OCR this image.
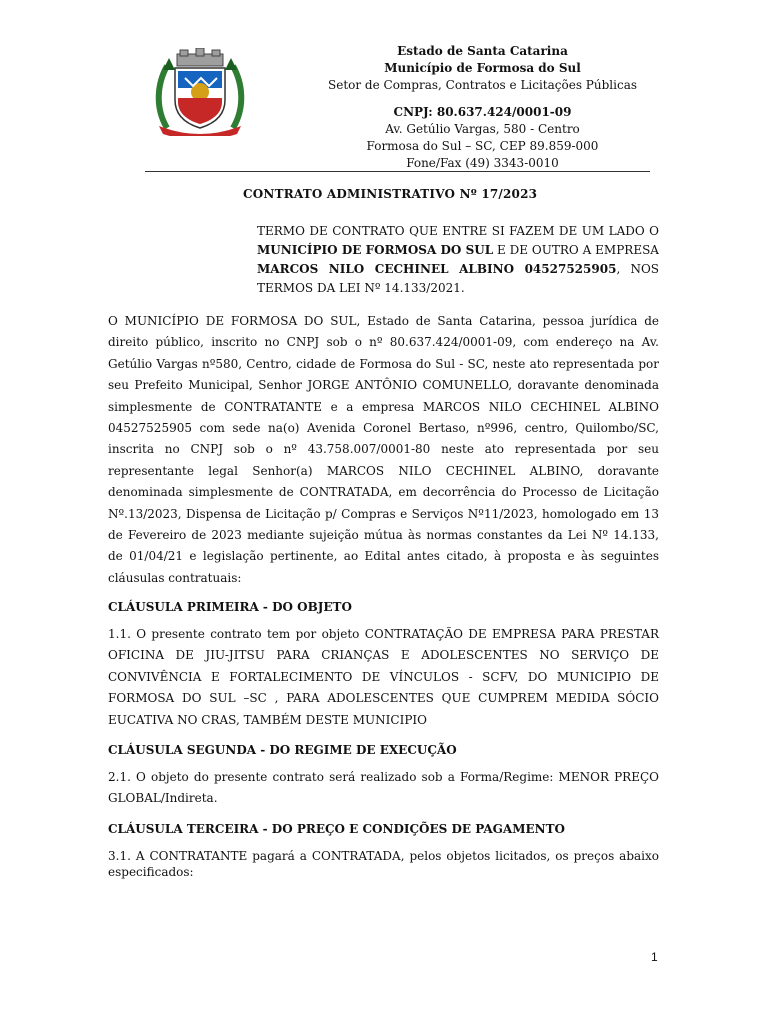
Estado de Santa Catarina
Município de Formosa do Sul
Setor de Compras, Contratos e Licitações Públicas
CNPJ: 80.637.424/0001-09
Av. Getúlio Vargas, 580 - Centro
Formosa do Sul – SC, CEP 89.859-000
Fone/Fax (49) 3343-0010
CONTRATO ADMINISTRATIVO Nº 17/2023
TERMO DE CONTRATO QUE ENTRE SI FAZEM DE UM LADO O MUNICÍPIO DE FORMOSA DO SUL E DE OUTRO A EMPRESA MARCOS NILO CECHINEL ALBINO 04527525905, NOS TERMOS DA LEI Nº 14.133/2021.
O MUNICÍPIO DE FORMOSA DO SUL, Estado de Santa Catarina, pessoa jurídica de direito público, inscrito no CNPJ sob o nº 80.637.424/0001-09, com endereço na Av. Getúlio Vargas nº580, Centro, cidade de Formosa do Sul - SC, neste ato representada por seu Prefeito Municipal, Senhor JORGE ANTÔNIO COMUNELLO, doravante denominada simplesmente de CONTRATANTE e a empresa MARCOS NILO CECHINEL ALBINO 04527525905 com sede na(o) Avenida Coronel Bertaso, nº996, centro, Quilombo/SC, inscrita no CNPJ sob o nº 43.758.007/0001-80 neste ato representada por seu representante legal Senhor(a) MARCOS NILO CECHINEL ALBINO, doravante denominada simplesmente de CONTRATADA, em decorrência do Processo de Licitação Nº.13/2023, Dispensa de Licitação p/ Compras e Serviços Nº11/2023, homologado em 13 de Fevereiro de 2023 mediante sujeição mútua às normas constantes da Lei Nº 14.133, de 01/04/21 e legislação pertinente, ao Edital antes citado, à proposta e às seguintes cláusulas contratuais:
CLÁUSULA PRIMEIRA - DO OBJETO
1.1. O presente contrato tem por objeto CONTRATAÇÃO DE EMPRESA PARA PRESTAR OFICINA DE JIU-JITSU PARA CRIANÇAS E ADOLESCENTES NO SERVIÇO DE CONVIVÊNCIA E FORTALECIMENTO DE VÍNCULOS - SCFV, DO MUNICIPIO DE FORMOSA DO SUL –SC , PARA ADOLESCENTES QUE CUMPREM MEDIDA SÓCIO EUCATIVA NO CRAS, TAMBÉM DESTE MUNICIPIO
CLÁUSULA SEGUNDA - DO REGIME DE EXECUÇÃO
2.1. O objeto do presente contrato será realizado sob a Forma/Regime: MENOR PREÇO GLOBAL/Indireta.
CLÁUSULA TERCEIRA - DO PREÇO E CONDIÇÕES DE PAGAMENTO
3.1. A CONTRATANTE pagará a CONTRATADA, pelos objetos licitados, os preços abaixo especificados:
1
